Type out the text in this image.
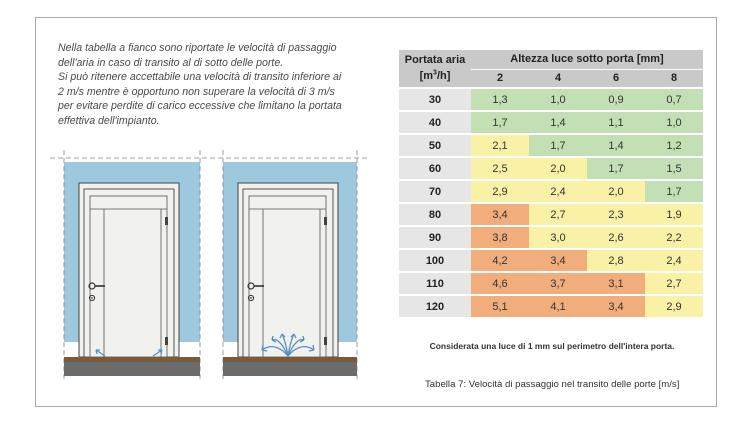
Nella tabella a fianco sono riportate le velocità di passaggio
dell'aria in caso di transito al di sotto delle porte.
Si può ritenere accettabile una velocità di transito inferiore ai
2 m/s mentre è opportuno non superare la velocità di 3 m/s
per evitare perdite di carico eccessive che limitano la portata
effettiva dell'impianto.

Portata aria
$[m^3/h]$	Altezza luce sotto porta [mm]			
	2	4	6	8
30	1,3	1,0	0,9	0,7
40	1,7	1,4	1,1	1,0
50	2,1	1,7	1,4	1,2
60	2,5	2,0	1,7	1,5
70	2,9	2,4	2,0	1,7
80	3,4	2,7	2,3	1,9
90	3,8	3,0	2,6	2,2
100	4,2	3,4	2,8	2,4
110	4,6	3,7	3,1	2,7
120	5,1	4,1	3,4	2,9

Considerata una luce di 1 mm sul perimetro dell'intera porta.

Tabella 7: Velocità di passaggio nel transito delle porte [m/s]
